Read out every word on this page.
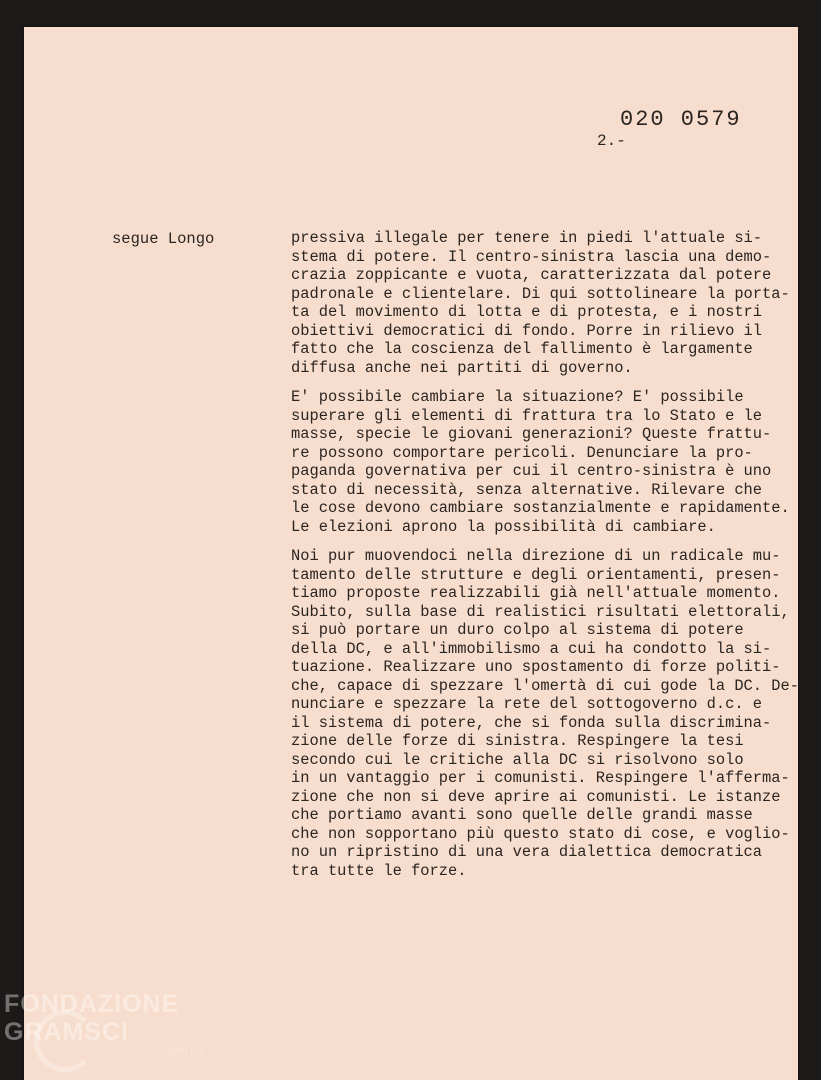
020 0579
2.-
segue Longo	pressiva illegale per tenere in piedi l'attuale si-
stema di potere. Il centro-sinistra lascia una demo-
crazia zoppicante e vuota, caratterizzata dal potere
padronale e clientelare. Di qui sottolineare la porta-
ta del movimento di lotta e di protesta, e i nostri
obiettivi democratici di fondo. Porre in rilievo il
fatto che la coscienza del fallimento è largamente
diffusa anche nei partiti di governo.
E' possibile cambiare la situazione? E' possibile
superare gli elementi di frattura tra lo Stato e le
masse, specie le giovani generazioni? Queste frattu-
re possono comportare pericoli. Denunciare la pro-
paganda governativa per cui il centro-sinistra è uno
stato di necessità, senza alternative. Rilevare che
le cose devono cambiare sostanzialmente e rapidamente.
Le elezioni aprono la possibilità di cambiare.
Noi pur muovendoci nella direzione di un radicale mu-
tamento delle strutture e degli orientamenti, presen-
tiamo proposte realizzabili già nell'attuale momento.
Subito, sulla base di realistici risultati elettorali,
si può portare un duro colpo al sistema di potere
della DC, e all'immobilismo a cui ha condotto la si-
tuazione. Realizzare uno spostamento di forze politi-
che, capace di spezzare l'omertà di cui gode la DC. De-
nunciare e spezzare la rete del sottogoverno d.c. e
il sistema di potere, che si fonda sulla discrimina-
zione delle forze di sinistra. Respingere la tesi
secondo cui le critiche alla DC si risolvono solo
in un vantaggio per i comunisti. Respingere l'afferma-
zione che non si deve aprire ai comunisti. Le istanze
che portiamo avanti sono quelle delle grandi masse
che non sopportano più questo stato di cose, e voglio-
no un ripristino di una vera dialettica democratica
tra tutte le forze.
FONDAZIONE
GRAMSCI
ONLUS
